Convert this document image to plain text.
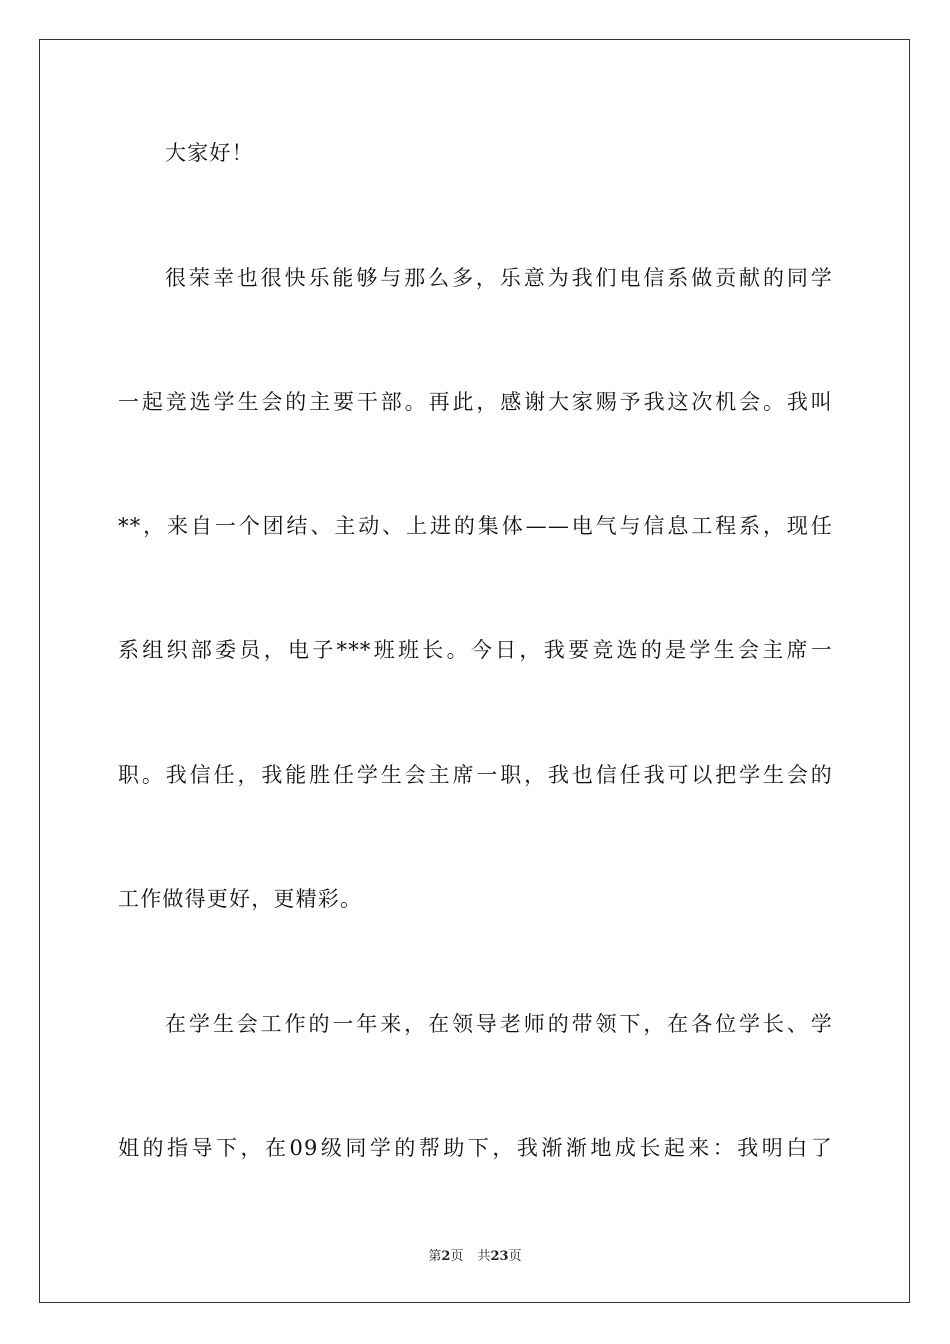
大家好！
很荣幸也很快乐能够与那么多，乐意为我们电信系做贡献的同学
一起竞选学生会的主要干部。再此，感谢大家赐予我这次机会。我叫
**，来自一个团结、主动、上进的集体——电气与信息工程系，现任
系组织部委员，电子***班班长。今日，我要竞选的是学生会主席一
职。我信任，我能胜任学生会主席一职，我也信任我可以把学生会的
工作做得更好，更精彩。
在学生会工作的一年来，在领导老师的带领下，在各位学长、学
姐的指导下，在09级同学的帮助下，我渐渐地成长起来：我明白了
第2页 共23页
